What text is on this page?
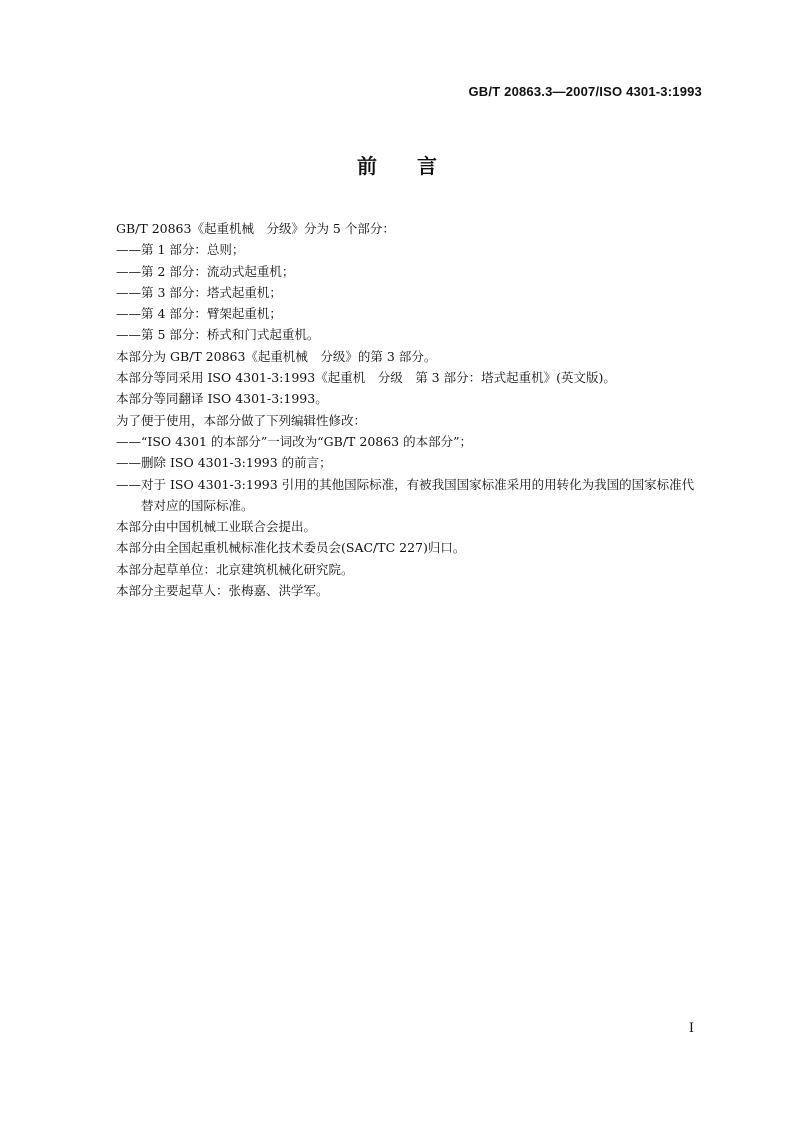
GB/T 20863.3—2007/ISO 4301-3:1993
前言

GB/T 20863《起重机械　分级》分为 5 个部分：

—— 第 1 部分：总则；
—— 第 2 部分：流动式起重机；
—— 第 3 部分：塔式起重机；
—— 第 4 部分：臂架起重机；
—— 第 5 部分：桥式和门式起重机。

本部分为 GB/T 20863《起重机械　分级》的第 3 部分。

本部分等同采用 ISO 4301-3:1993《起重机　分级　第 3 部分：塔式起重机》(英文版)。

本部分等同翻译 ISO 4301-3:1993。

为了便于使用，本部分做了下列编辑性修改：

—— “ISO 4301 的本部分”一词改为“GB/T 20863 的本部分”；
—— 删除 ISO 4301-3:1993 的前言；
—— 对于 ISO 4301-3:1993 引用的其他国际标准，有被我国国家标准采用的用转化为我国的国家标准代替对应的国际标准。

本部分由中国机械工业联合会提出。

本部分由全国起重机械标准化技术委员会(SAC/TC 227)归口。

本部分起草单位：北京建筑机械化研究院。

本部分主要起草人：张梅嘉、洪学军。

I
